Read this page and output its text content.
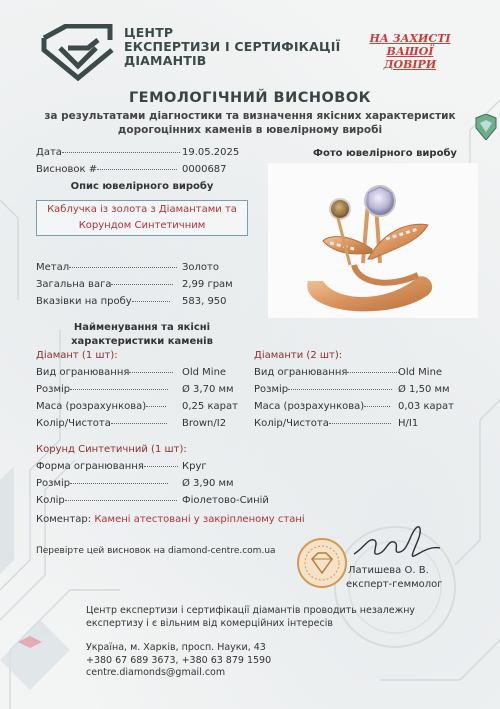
ЦЕНТР
ЕКСПЕРТИЗИ І СЕРТИФІКАЦІЇ
ДІАМАНТІВ
НА ЗАХИСТІ
ВАШОЇ
ДОВІРИ
ГЕМОЛОГІЧНИЙ ВИСНОВОК
за результатами діагностики та визначення якісних характеристик
дорогоцінних каменів в ювелірному виробі
Дата	19.05.2025
Висновок #	0000687
Фото ювелірного виробу
Опис ювелірного виробу
Каблучка із золота з Діамантами та
Корундом Синтетичним
Метал	Золото
Загальна вага	2,99 грам
Вказівки на пробу	583, 950
Найменування та якісні
характеристики каменів
Діамант (1 шт):
Вид огранювання	Old Mine
Розмір	Ø 3,70 мм
Маса (розрахункова)	0,25 карат
Колір/Чистота	Brown/I2
Діаманти (2 шт):
Вид огранювання	Old Mine
Розмір	Ø 1,50 мм
Маса (розрахункова)	0,03 карат
Колір/Чистота	H/I1
Корунд Синтетичний (1 шт):
Форма огранювання	Круг
Розмір	Ø 3,90 мм
Колір	Фіолетово-Синій
Коментар: Камені атестовані у закріпленому стані
Перевірте цей висновок на diamond-centre.com.ua
Латишева О. В.
експерт-геммолог
Центр експертизи і сертифікації діамантів проводить незалежну
експертизу і є вільним від комерційних інтересів
Україна, м. Харків, просп. Науки, 43
+380 67 689 3673, +380 63 879 1590
centre.diamonds@gmail.com
